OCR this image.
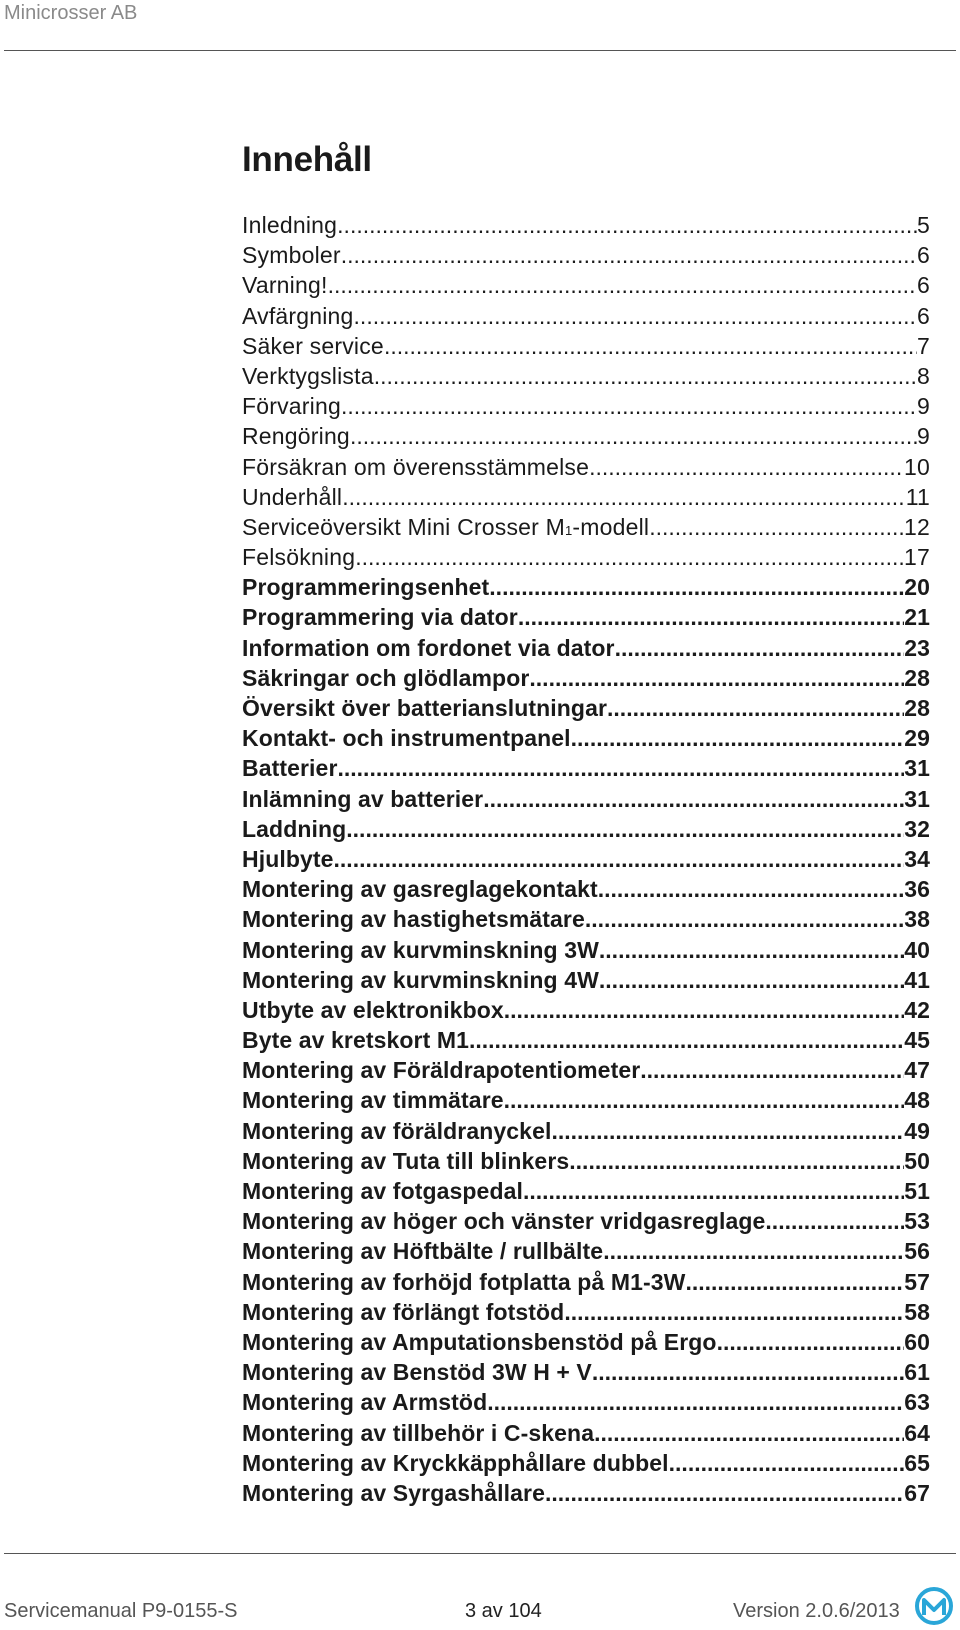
Minicrosser AB
Innehåll
Inledning .....	5
Symboler .....	6
Varning! .....	6
Avfärgning .....	6
Säker service .....	7
Verktygslista .....	8
Förvaring .....	9
Rengöring .....	9
Försäkran om överensstämmelse .....	10
Underhåll .....	11
Serviceöversikt Mini Crosser M 1 -modell .....	12
Felsökning .....	17
Programmeringsenhet .....	20
Programmering via dator .....	21
Information om fordonet via dator .....	23
Säkringar och glödlampor .....	28
Översikt över batterianslutningar .....	28
Kontakt- och instrumentpanel .....	29
Batterier .....	31
Inlämning av batterier .....	31
Laddning .....	32
Hjulbyte .....	34
Montering av gasreglagekontakt .....	36
Montering av hastighetsmätare .....	38
Montering av kurvminskning 3W .....	40
Montering av kurvminskning 4W .....	41
Utbyte av elektronikbox .....	42
Byte av kretskort M1 .....	45
Montering av Föräldrapotentiometer .....	47
Montering av timmätare .....	48
Montering av föräldranyckel .....	49
Montering av Tuta till blinkers .....	50
Montering av fotgaspedal .....	51
Montering av höger och vänster vridgasreglage .....	53
Montering av Höftbälte / rullbälte .....	56
Montering av forhöjd fotplatta på M1-3W .....	57
Montering av förlängt fotstöd .....	58
Montering av Amputationsbenstöd på Ergo .....	60
Montering av Benstöd 3W H + V .....	61
Montering av Armstöd .....	63
Montering av tillbehör i C-skena .....	64
Montering av Kryckkäpphållare dubbel .....	65
Montering av Syrgashållare .....	67
Servicemanual P9-0155-S	3 av 104	Version 2.0.6/2013
